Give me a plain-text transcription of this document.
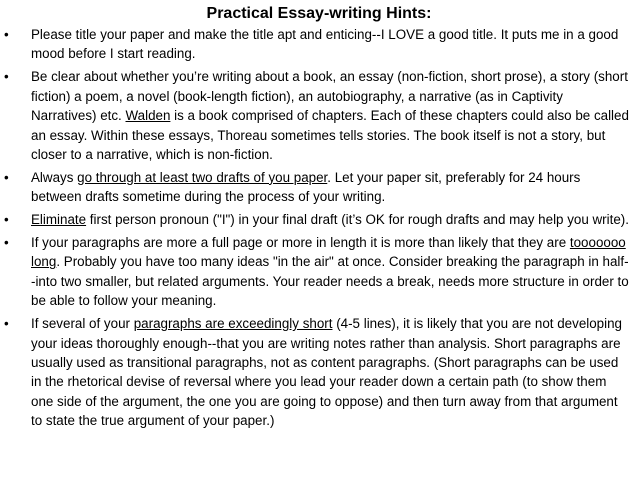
Practical Essay-writing Hints:
• Please title your paper and make the title apt and enticing--I LOVE a good title. It puts me in a good mood before I start reading.
• Be clear about whether you’re writing about a book, an essay (non-fiction, short prose), a story (short fiction) a poem, a novel (book-length fiction), an autobiography, a narrative (as in Captivity Narratives) etc. Walden is a book comprised of chapters. Each of these chapters could also be called an essay. Within these essays, Thoreau sometimes tells stories. The book itself is not a story, but closer to a narrative, which is non-fiction.
• Always go through at least two drafts of you paper. Let your paper sit, preferably for 24 hours between drafts sometime during the process of your writing.
• Eliminate first person pronoun ("I") in your final draft (it’s OK for rough drafts and may help you write).
• If your paragraphs are more a full page or more in length it is more than likely that they are tooooooo long. Probably you have too many ideas "in the air" at once. Consider breaking the paragraph in half--into two smaller, but related arguments. Your reader needs a break, needs more structure in order to be able to follow your meaning.
• If several of your paragraphs are exceedingly short (4-5 lines), it is likely that you are not developing your ideas thoroughly enough--that you are writing notes rather than analysis. Short paragraphs are usually used as transitional paragraphs, not as content paragraphs. (Short paragraphs can be used in the rhetorical devise of reversal where you lead your reader down a certain path (to show them one side of the argument, the one you are going to oppose) and then turn away from that argument to state the true argument of your paper.)
